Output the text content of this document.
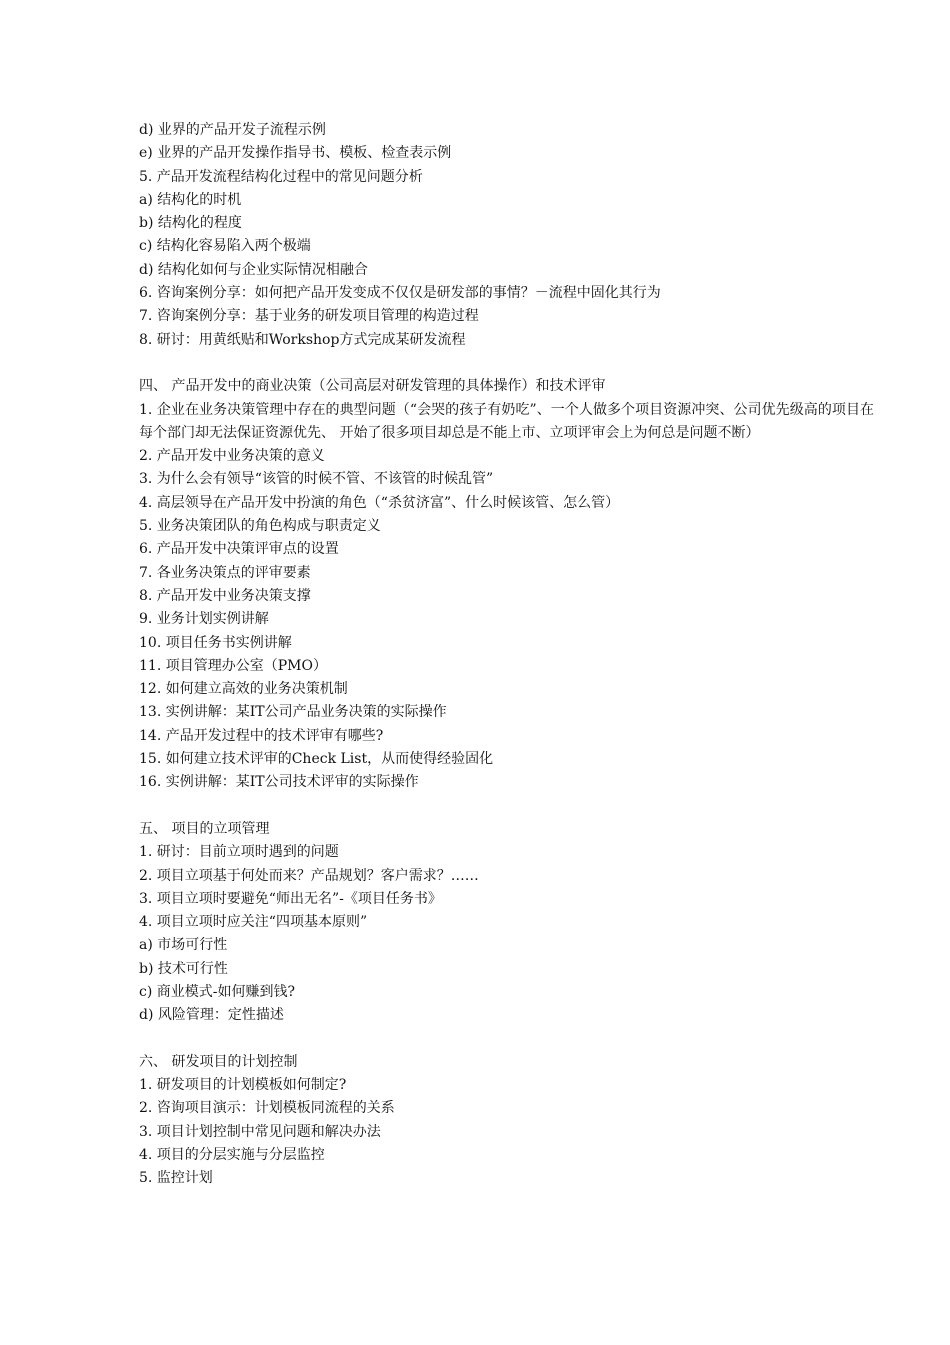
d) 业界的产品开发子流程示例
e) 业界的产品开发操作指导书、模板、检查表示例
5. 产品开发流程结构化过程中的常见问题分析
a) 结构化的时机
b) 结构化的程度
c) 结构化容易陷入两个极端
d) 结构化如何与企业实际情况相融合
6. 咨询案例分享：如何把产品开发变成不仅仅是研发部的事情？－流程中固化其行为
7. 咨询案例分享：基于业务的研发项目管理的构造过程
8. 研讨：用黄纸贴和Workshop方式完成某研发流程
四、 产品开发中的商业决策（公司高层对研发管理的具体操作）和技术评审
1. 企业在业务决策管理中存在的典型问题（“会哭的孩子有奶吃”、一个人做多个项目资源冲突、公司优先级高的项目在每个部门却无法保证资源优先、 开始了很多项目却总是不能上市、立项评审会上为何总是问题不断）
2. 产品开发中业务决策的意义
3. 为什么会有领导“该管的时候不管、不该管的时候乱管”
4. 高层领导在产品开发中扮演的角色（“杀贫济富”、什么时候该管、怎么管）
5. 业务决策团队的角色构成与职责定义
6. 产品开发中决策评审点的设置
7. 各业务决策点的评审要素
8. 产品开发中业务决策支撑
9. 业务计划实例讲解
10. 项目任务书实例讲解
11. 项目管理办公室（PMO）
12. 如何建立高效的业务决策机制
13. 实例讲解：某IT公司产品业务决策的实际操作
14. 产品开发过程中的技术评审有哪些?
15. 如何建立技术评审的Check List，从而使得经验固化
16. 实例讲解：某IT公司技术评审的实际操作
五、 项目的立项管理
1. 研讨：目前立项时遇到的问题
2. 项目立项基于何处而来？产品规划？客户需求？……
3. 项目立项时要避免“师出无名”-《项目任务书》
4. 项目立项时应关注“四项基本原则”
a) 市场可行性
b) 技术可行性
c) 商业模式-如何赚到钱?
d) 风险管理：定性描述
六、 研发项目的计划控制
1. 研发项目的计划模板如何制定?
2. 咨询项目演示：计划模板同流程的关系
3. 项目计划控制中常见问题和解决办法
4. 项目的分层实施与分层监控
5. 监控计划
